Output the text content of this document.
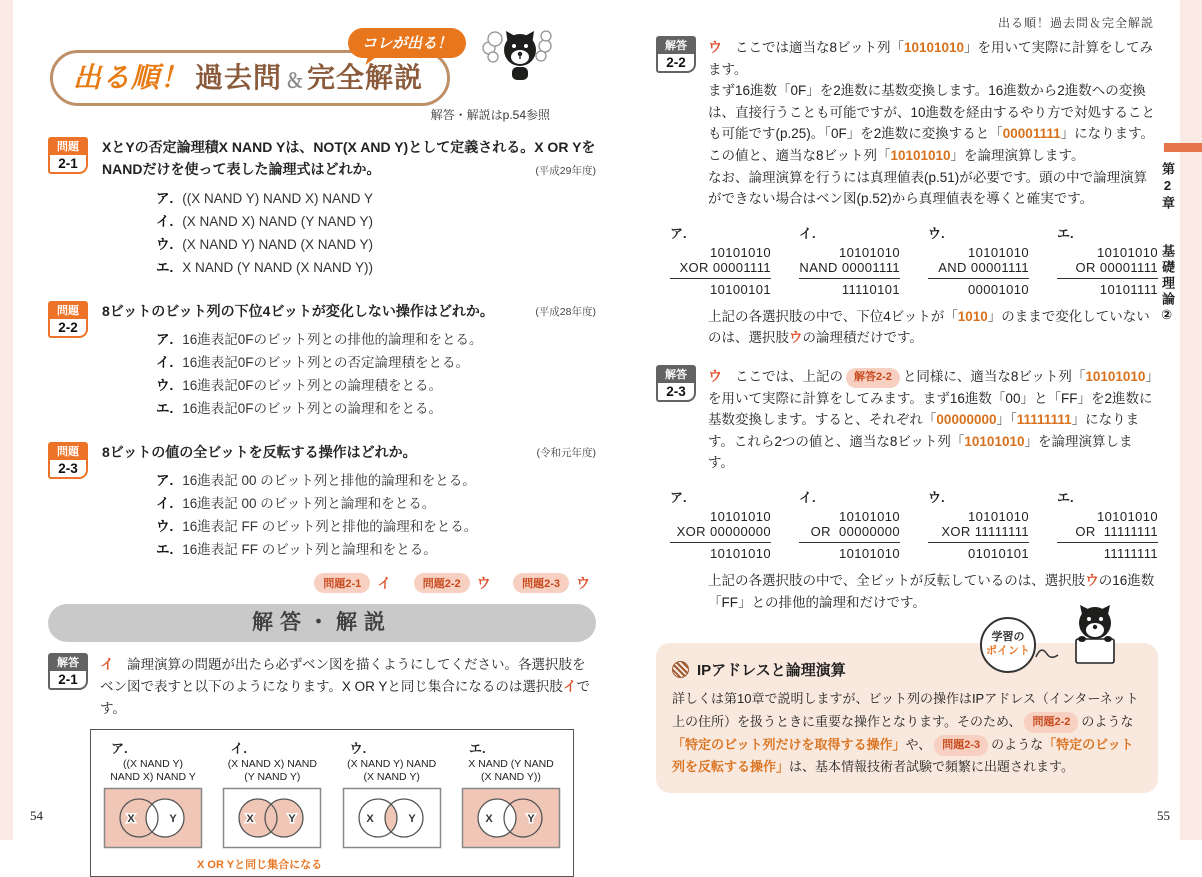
出る順！過去問＆完全解説
第2章 基礎理論②
54	55
出る順！ 過去問 ＆ 完全解説
コレが出る！
解答・解説はp.54参照
問題
2-1
XとYの否定論理積X NAND Yは、NOT(X AND Y)として定義される。X OR YをNANDだけを使って表した論理式はどれか。	(平成29年度)
ア. ((X NAND Y) NAND X) NAND Y
イ. (X NAND X) NAND (Y NAND Y)
ウ. (X NAND Y) NAND (X NAND Y)
エ. X NAND (Y NAND (X NAND Y))
問題
2-2
8ビットのビット列の下位4ビットが変化しない操作はどれか。	(平成28年度)
ア. 16進表記0Fのビット列との排他的論理和をとる。
イ. 16進表記0Fのビット列との否定論理積をとる。
ウ. 16進表記0Fのビット列との論理積をとる。
エ. 16進表記0Fのビット列との論理和をとる。
問題
2-3
8ビットの値の全ビットを反転する操作はどれか。	(令和元年度)
ア. 16進表記 00 のビット列と排他的論理和をとる。
イ. 16進表記 00 のビット列と論理和をとる。
ウ. 16進表記 FF のビット列と排他的論理和をとる。
エ. 16進表記 FF のビット列と論理和をとる。
問題2-1 イ	問題2-2 ウ	問題2-3 ウ
解答・解説
解答
2-1

イ 論理演算の問題が出たら必ずベン図を描くようにしてください。各選択肢をベン図で表すと以下のようになります。X OR Yと同じ集合になるのは選択肢イです。

ア.
((X NAND Y)
NAND X) NAND Y
X	Y
イ.
(X NAND X) NAND
(Y NAND Y)
X	Y
ウ.
(X NAND Y) NAND
(X NAND Y)
X	Y
エ.
X NAND (Y NAND
(X NAND Y))
X	Y
X OR Yと同じ集合になる
解答
2-2

ウ ここでは適当な8ビット列「10101010」を用いて実際に計算をしてみます。

まず16進数「0F」を2進数に基数変換します。16進数から2進数への変換は、直接行うことも可能ですが、10進数を経由するやり方で対処することも可能です(p.25)。「0F」を2進数に変換すると「00001111」になります。この値と、適当な8ビット列「10101010」を論理演算します。

なお、論理演算を行うには真理値表(p.51)が必要です。頭の中で論理演算ができない場合はベン図(p.52)から真理値表を導くと確実です。

ア.
10101010
XOR 00001111
10100101
イ.
10101010
NAND 00001111
11110101
ウ.
10101010
AND 00001111
00001010
エ.
10101010
OR 00001111
10101111
上記の各選択肢の中で、下位4ビットが「1010」のままで変化していないのは、選択肢ウの論理積だけです。
解答
2-3

ウ ここでは、上記の 解答2-2 と同様に、適当な8ビット列「10101010」を用いて実際に計算をしてみます。まず16進数「00」と「FF」を2進数に基数変換します。すると、それぞれ「00000000」「11111111」になります。これら2つの値と、適当な8ビット列「10101010」を論理演算します。

ア.
10101010
XOR 00000000
10101010
イ.
10101010
OR  00000000
10101010
ウ.
10101010
XOR 11111111
01010101
エ.
10101010
OR  11111111
11111111
上記の各選択肢の中で、全ビットが反転しているのは、選択肢ウの16進数「FF」との排他的論理和だけです。
IPアドレスと論理演算
詳しくは第10章で説明しますが、ビット列の操作はIPアドレス（インターネット上の住所）を扱うときに重要な操作となります。そのため、 問題2-2 のような「特定のビット列だけを取得する操作」や、 問題2-3 のような「特定のビット列を反転する操作」は、基本情報技術者試験で頻繁に出題されます。
学習の
ポイント
